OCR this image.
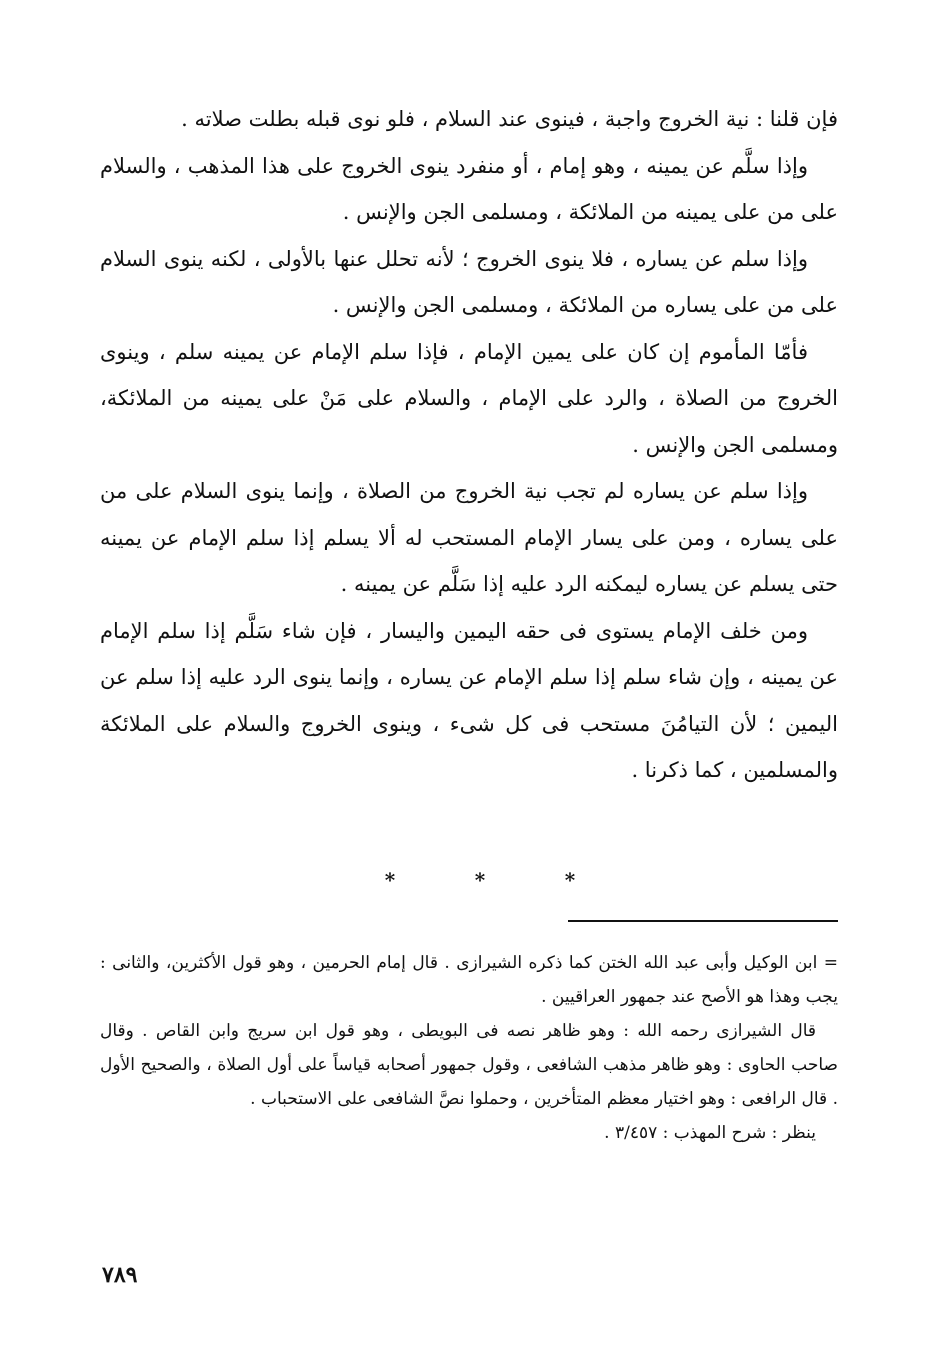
فإن قلنا : نية الخروج واجبة ، فينوى عند السلام ، فلو نوى قبله بطلت صلاته .

وإذا سلَّم عن يمينه ، وهو إمام ، أو منفرد ينوى الخروج على هذا المذهب ، والسلام على من على يمينه من الملائكة ، ومسلمى الجن والإنس .

وإذا سلم عن يساره ، فلا ينوى الخروج ؛ لأنه تحلل عنها بالأولى ، لكنه ينوى السلام على من على يساره من الملائكة ، ومسلمى الجن والإنس .

فأمّا المأموم إن كان على يمين الإمام ، فإذا سلم الإمام عن يمينه سلم ، وينوى الخروج من الصلاة ، والرد على الإمام ، والسلام على مَنْ على يمينه من الملائكة، ومسلمى الجن والإنس .

وإذا سلم عن يساره لم تجب نية الخروج من الصلاة ، وإنما ينوى السلام على من على يساره ، ومن على يسار الإمام المستحب له ألا يسلم إذا سلم الإمام عن يمينه حتى يسلم عن يساره ليمكنه الرد عليه إذا سَلَّم عن يمينه .

ومن خلف الإمام يستوى فى حقه اليمين واليسار ، فإن شاء سَلَّم إذا سلم الإمام عن يمينه ، وإن شاء سلم إذا سلم الإمام عن يساره ، وإنما ينوى الرد عليه إذا سلم عن اليمين ؛ لأن التيامُنَ مستحب فى كل شىء ، وينوى الخروج والسلام على الملائكة والمسلمين ، كما ذكرنا .

*	*	*

= ابن الوكيل وأبى عبد الله الختن كما ذكره الشيرازى . قال إمام الحرمين ، وهو قول الأكثرين، والثانى : يجب وهذا هو الأصح عند جمهور العراقيين .

قال الشيرازى رحمه الله : وهو ظاهر نصه فى البويطى ، وهو قول ابن سريج وابن القاص . وقال صاحب الحاوى : وهو ظاهر مذهب الشافعى ، وقول جمهور أصحابه قياساً على أول الصلاة ، والصحيح الأول . قال الرافعى : وهو اختيار معظم المتأخرين ، وحملوا نصَّ الشافعى على الاستحباب .

ينظر : شرح المهذب : ٣/٤٥٧ .

٧٨٩
